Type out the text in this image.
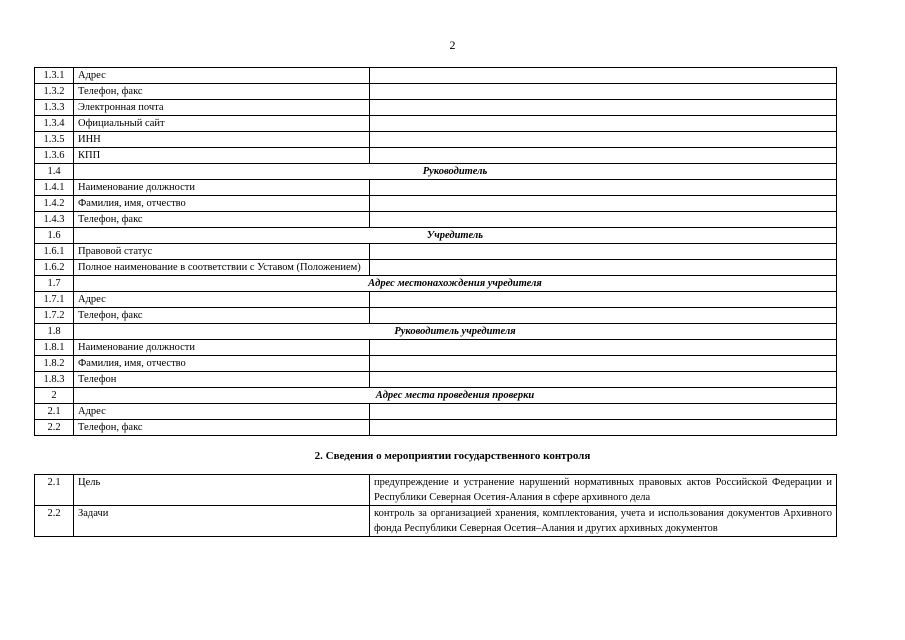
2
1.3.1	Адрес	
1.3.2	Телефон, факс	
1.3.3	Электронная почта	
1.3.4	Официальный сайт	
1.3.5	ИНН	
1.3.6	КПП	
1.4	Руководитель	
1.4.1	Наименование должности	
1.4.2	Фамилия, имя, отчество	
1.4.3	Телефон, факс	
1.6	Учредитель	
1.6.1	Правовой статус	
1.6.2	Полное наименование в соответствии с Уставом (Положением)	
1.7	Адрес местонахождения учредителя	
1.7.1	Адрес	
1.7.2	Телефон, факс	
1.8	Руководитель учредителя	
1.8.1	Наименование должности	
1.8.2	Фамилия, имя, отчество	
1.8.3	Телефон	
2	Адрес места проведения проверки	
2.1	Адрес	
2.2	Телефон, факс	
2. Сведения о мероприятии государственного контроля
2.1	Цель	предупреждение и устранение нарушений нормативных правовых актов Российской Федерации и Республики Северная Осетия-Алания в сфере архивного дела
2.2	Задачи	контроль за организацией хранения, комплектования, учета и использования документов Архивного фонда Республики Северная Осетия–Алания и других архивных документов
